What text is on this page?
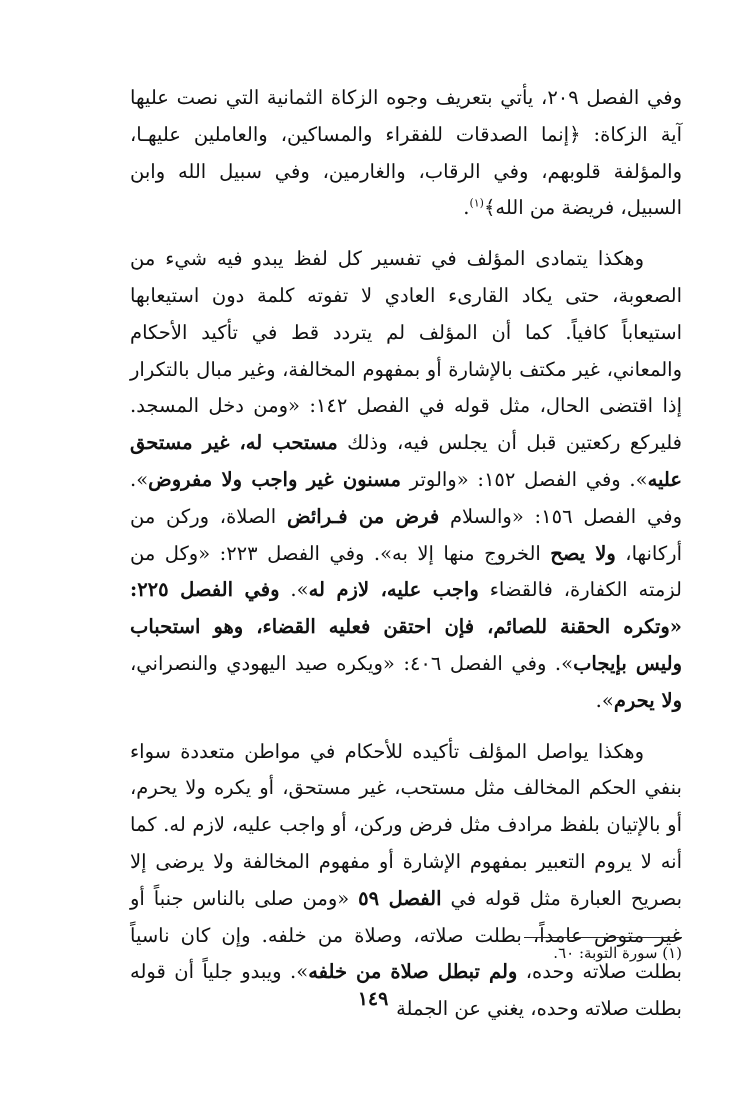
وفي الفصل ٢٠٩، يأتي بتعريف وجوه الزكاة الثمانية التي نصت عليها آية الزكاة: ﴿إنما الصدقات للفقراء والمساكين، والعاملين عليهـا، والمؤلفة قلوبهم، وفي الرقاب، والغارمين، وفي سبيل الله وابن السبيل، فريضة من الله﴾$^{(١)}$.

وهكذا يتمادى المؤلف في تفسير كل لفظ يبدو فيه شيء من الصعوبة، حتى يكاد القارىء العادي لا تفوته كلمة دون استيعابها استيعاباً كافياً. كما أن المؤلف لم يتردد قط في تأكيد الأحكام والمعاني، غير مكتف بالإشارة أو بمفهوم المخالفة، وغير مبال بالتكرار إذا اقتضى الحال، مثل قوله في الفصل ١٤٢: «ومن دخل المسجد. فليركع ركعتين قبل أن يجلس فيه، وذلك مستحب له، غير مستحق عليه». وفي الفصل ١٥٢: «والوتر مسنون غير واجب ولا مفروض». وفي الفصل ١٥٦: «والسلام فرض من فـرائض الصلاة، وركن من أركانها، ولا يصح الخروج منها إلا به». وفي الفصل ٢٢٣: «وكل من لزمته الكفارة، فالقضاء واجب عليه، لازم له». وفي الفصل ٢٢٥: «وتكره الحقنة للصائم، فإن احتقن فعليه القضاء، وهو استحباب وليس بإيجاب». وفي الفصل ٤٠٦: «ويكره صيد اليهودي والنصراني، ولا يحرم».

وهكذا يواصل المؤلف تأكيده للأحكام في مواطن متعددة سواء بنفي الحكم المخالف مثل مستحب، غير مستحق، أو يكره ولا يحرم، أو بالإتيان بلفظ مرادف مثل فرض وركن، أو واجب عليه، لازم له. كما أنه لا يروم التعبير بمفهوم الإشارة أو مفهوم المخالفة ولا يرضى إلا بصريح العبارة مثل قوله في الفصل ٥٩ «ومن صلى بالناس جنباً أو غير متوض عامداً، بطلت صلاته، وصلاة من خلفه. وإن كان ناسياً بطلت صلاته وحده، ولم تبطل صلاة من خلفه». ويبدو جلياً أن قوله بطلت صلاته وحده، يغني عن الجملة

(١) سورة التوبة: ٦٠.
١٤٩
